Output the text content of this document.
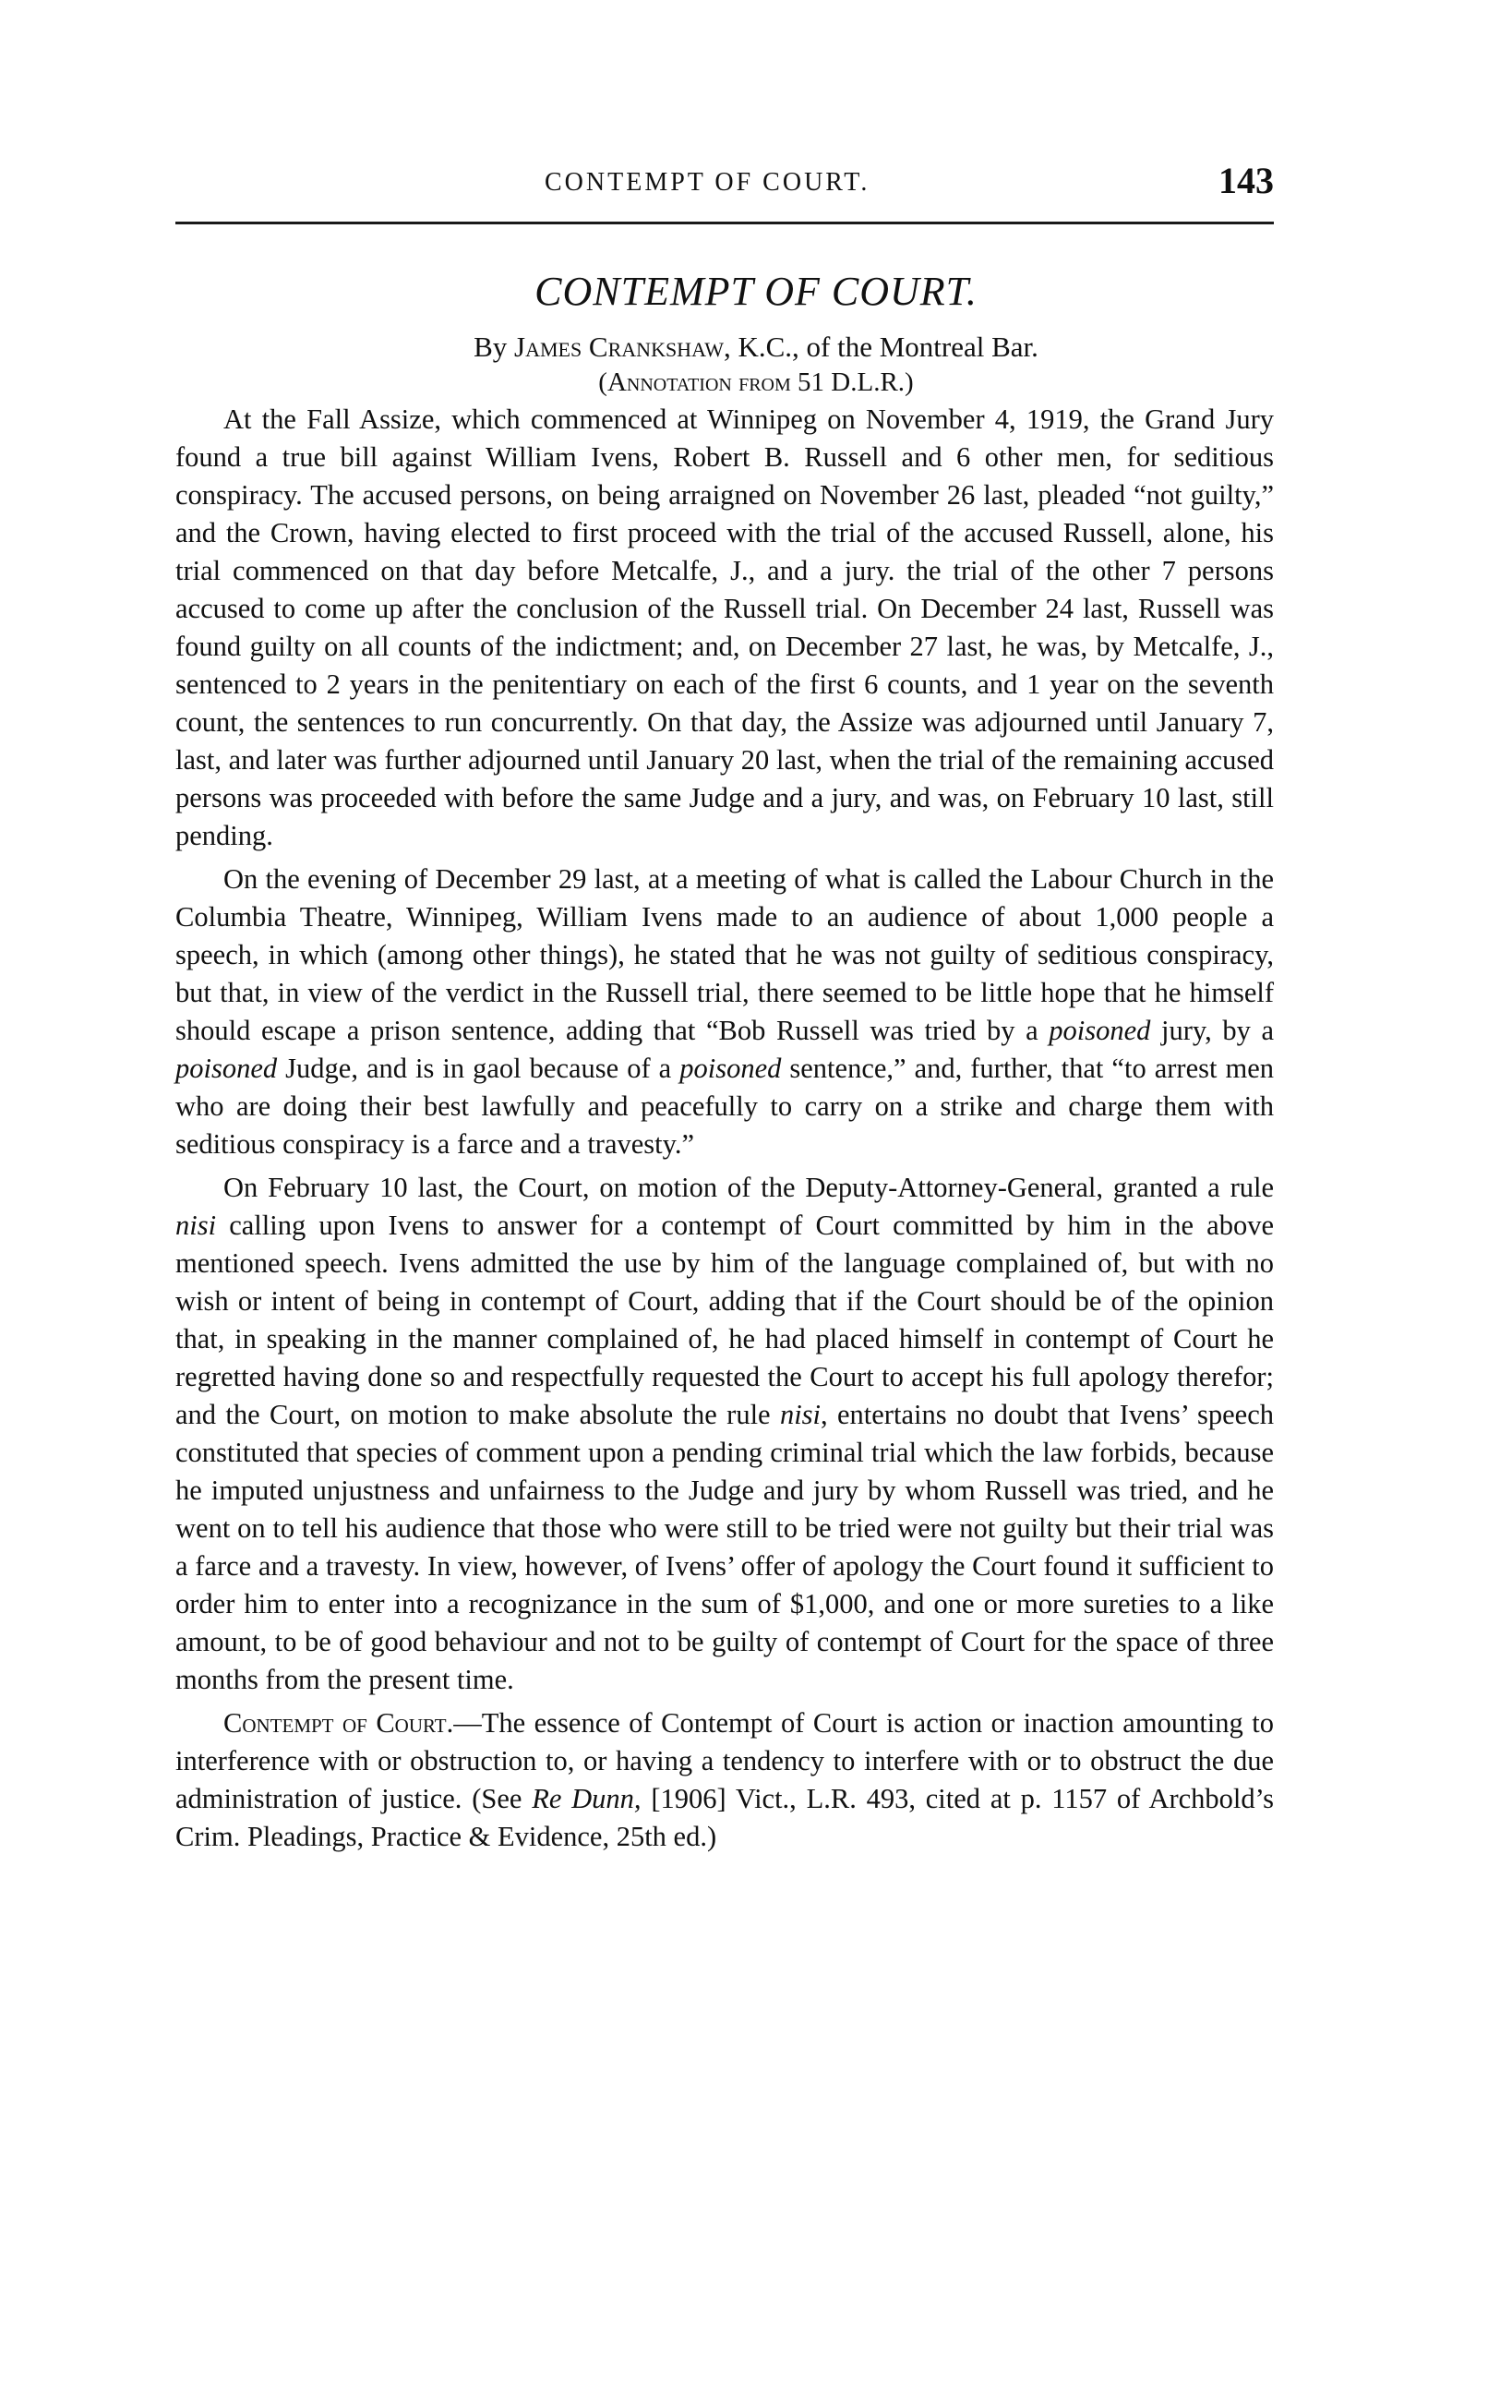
CONTEMPT OF COURT.	143
CONTEMPT OF COURT.
By James Crankshaw, K.C., of the Montreal Bar.
(Annotation from 51 D.L.R.)

At the Fall Assize, which commenced at Winnipeg on November 4, 1919, the Grand Jury found a true bill against William Ivens, Robert B. Russell and 6 other men, for seditious conspiracy. The accused persons, on being arraigned on November 26 last, pleaded “not guilty,” and the Crown, having elected to first proceed with the trial of the accused Russell, alone, his trial commenced on that day before Metcalfe, J., and a jury. the trial of the other 7 persons accused to come up after the conclusion of the Russell trial. On December 24 last, Russell was found guilty on all counts of the indictment; and, on December 27 last, he was, by Metcalfe, J., sentenced to 2 years in the penitentiary on each of the first 6 counts, and 1 year on the seventh count, the sentences to run concurrently. On that day, the Assize was adjourned until January 7, last, and later was further adjourned until January 20 last, when the trial of the remaining accused persons was proceeded with before the same Judge and a jury, and was, on February 10 last, still pending.

On the evening of December 29 last, at a meeting of what is called the Labour Church in the Columbia Theatre, Winnipeg, William Ivens made to an audience of about 1,000 people a speech, in which (among other things), he stated that he was not guilty of seditious conspiracy, but that, in view of the verdict in the Russell trial, there seemed to be little hope that he himself should escape a prison sentence, adding that “Bob Russell was tried by a poisoned jury, by a poisoned Judge, and is in gaol because of a poisoned sentence,” and, further, that “to arrest men who are doing their best lawfully and peacefully to carry on a strike and charge them with seditious conspiracy is a farce and a travesty.”

On February 10 last, the Court, on motion of the Deputy-Attorney-General, granted a rule nisi calling upon Ivens to answer for a contempt of Court committed by him in the above mentioned speech. Ivens admitted the use by him of the language complained of, but with no wish or intent of being in contempt of Court, adding that if the Court should be of the opinion that, in speaking in the manner complained of, he had placed himself in contempt of Court he regretted having done so and respectfully requested the Court to accept his full apology therefor; and the Court, on motion to make absolute the rule nisi, entertains no doubt that Ivens’ speech constituted that species of comment upon a pending criminal trial which the law forbids, because he imputed unjustness and unfairness to the Judge and jury by whom Russell was tried, and he went on to tell his audience that those who were still to be tried were not guilty but their trial was a farce and a travesty. In view, however, of Ivens’ offer of apology the Court found it sufficient to order him to enter into a recognizance in the sum of $1,000, and one or more sureties to a like amount, to be of good behaviour and not to be guilty of contempt of Court for the space of three months from the present time.

Contempt of Court.—The essence of Contempt of Court is action or inaction amounting to interference with or obstruction to, or having a tendency to interfere with or to obstruct the due administration of justice. (See Re Dunn, [1906] Vict., L.R. 493, cited at p. 1157 of Archbold’s Crim. Pleadings, Practice & Evidence, 25th ed.)
